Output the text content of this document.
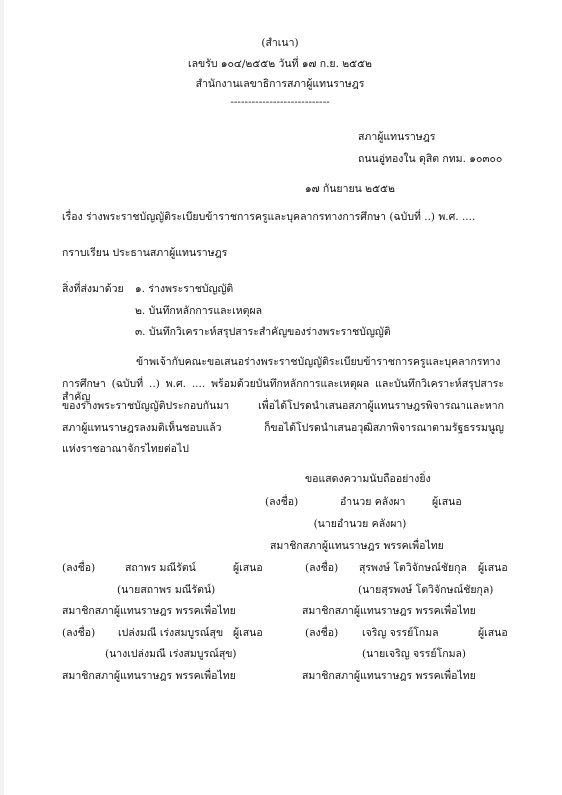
(สำเนา)
เลขรับ ๑๐๔/๒๕๕๒ วันที่ ๑๗ ก.ย. ๒๕๕๒
สำนักงานเลขาธิการสภาผู้แทนราษฎร
----------------------------
สภาผู้แทนราษฎร
ถนนอู่ทองใน ดุสิต กทม. ๑๐๓๐๐
๑๗ กันยายน ๒๕๕๒
เรื่อง ร่างพระราชบัญญัติระเบียบข้าราชการครูและบุคลากรทางการศึกษา (ฉบับที่ ..) พ.ศ. ....
กราบเรียน ประธานสภาผู้แทนราษฎร
สิ่งที่ส่งมาด้วย ๑. ร่างพระราชบัญญัติ
๒. บันทึกหลักการและเหตุผล
๓. บันทึกวิเคราะห์สรุปสาระสำคัญของร่างพระราชบัญญัติ
ข้าพเจ้ากับคณะขอเสนอร่างพระราชบัญญัติระเบียบข้าราชการครูและบุคลากรทาง
การศึกษา (ฉบับที่ ..) พ.ศ. .... พร้อมด้วยบันทึกหลักการและเหตุผล และบันทึกวิเคราะห์สรุปสาระสำคัญ
ของร่างพระราชบัญญัติประกอบกันมา เพื่อได้โปรดนำเสนอสภาผู้แทนราษฎรพิจารณาและหาก
สภาผู้แทนราษฎรลงมติเห็นชอบแล้ว ก็ขอได้โปรดนำเสนอวุฒิสภาพิจารณาตามรัฐธรรมนูญ
แห่งราชอาณาจักรไทยต่อไป
ขอแสดงความนับถืออย่างยิ่ง
(ลงชื่อ)	อำนวย คลังผา	ผู้เสนอ
(นายอำนวย คลังผา)
สมาชิกสภาผู้แทนราษฎร พรรคเพื่อไทย
(ลงชื่อ)	สถาพร มณีรัตน์	ผู้เสนอ
(นายสถาพร มณีรัตน์)
สมาชิกสภาผู้แทนราษฎร พรรคเพื่อไทย
(ลงชื่อ) สุรพงษ์ โตวิจักษณ์ชัยกุล ผู้เสนอ
(นายสุรพงษ์ โตวิจักษณ์ชัยกุล)
สมาชิกสภาผู้แทนราษฎร พรรคเพื่อไทย
(ลงชื่อ) เปล่งมณี เร่งสมบูรณ์สุข ผู้เสนอ
(นางเปล่งมณี เร่งสมบูรณ์สุข)
สมาชิกสภาผู้แทนราษฎร พรรคเพื่อไทย
(ลงชื่อ) เจริญ จรรย์โกมล	ผู้เสนอ
(นายเจริญ จรรย์โกมล)
สมาชิกสภาผู้แทนราษฎร พรรคเพื่อไทย
